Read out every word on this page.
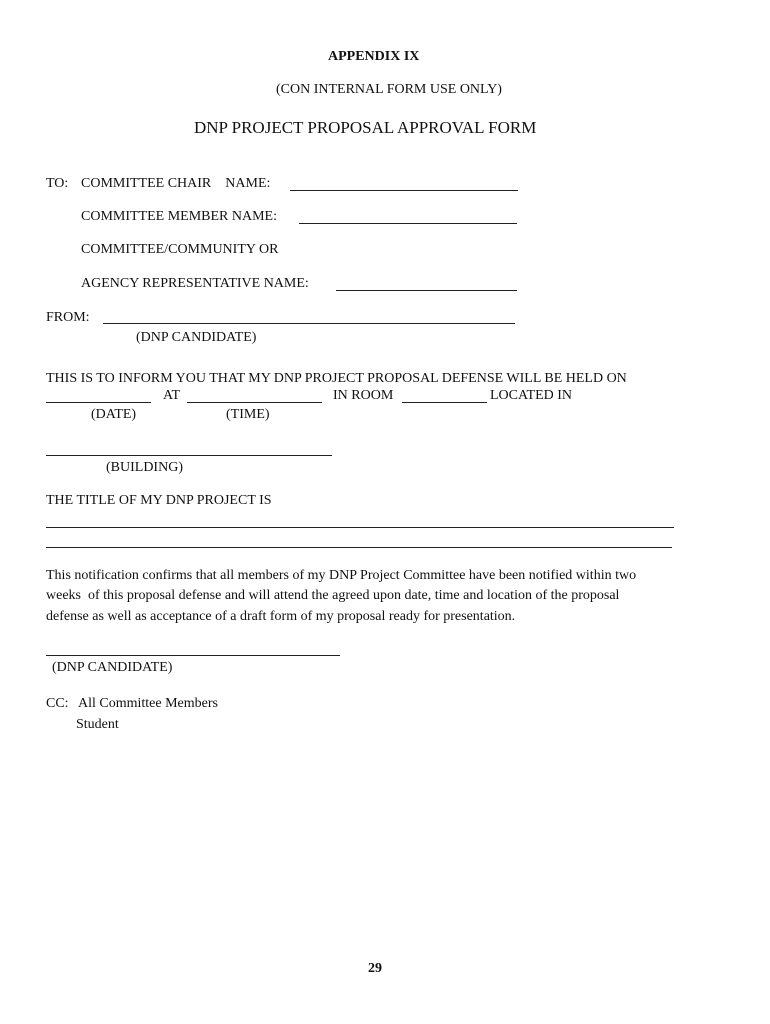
APPENDIX IX
(CON INTERNAL FORM USE ONLY)
DNP PROJECT PROPOSAL APPROVAL FORM
TO: COMMITTEE CHAIR    NAME:
COMMITTEE MEMBER NAME:
COMMITTEE/COMMUNITY OR
AGENCY REPRESENTATIVE NAME:
FROM:
(DNP CANDIDATE)
THIS IS TO INFORM YOU THAT MY DNP PROJECT PROPOSAL DEFENSE WILL BE HELD ON
AT	IN ROOM	LOCATED IN
(DATE)	(TIME)
(BUILDING)
THE TITLE OF MY DNP PROJECT IS
This notification confirms that all members of my DNP Project Committee have been notified within two
weeks  of this proposal defense and will attend the agreed upon date, time and location of the proposal
defense as well as acceptance of a draft form of my proposal ready for presentation.
(DNP CANDIDATE)
CC: All Committee Members
Student
29
